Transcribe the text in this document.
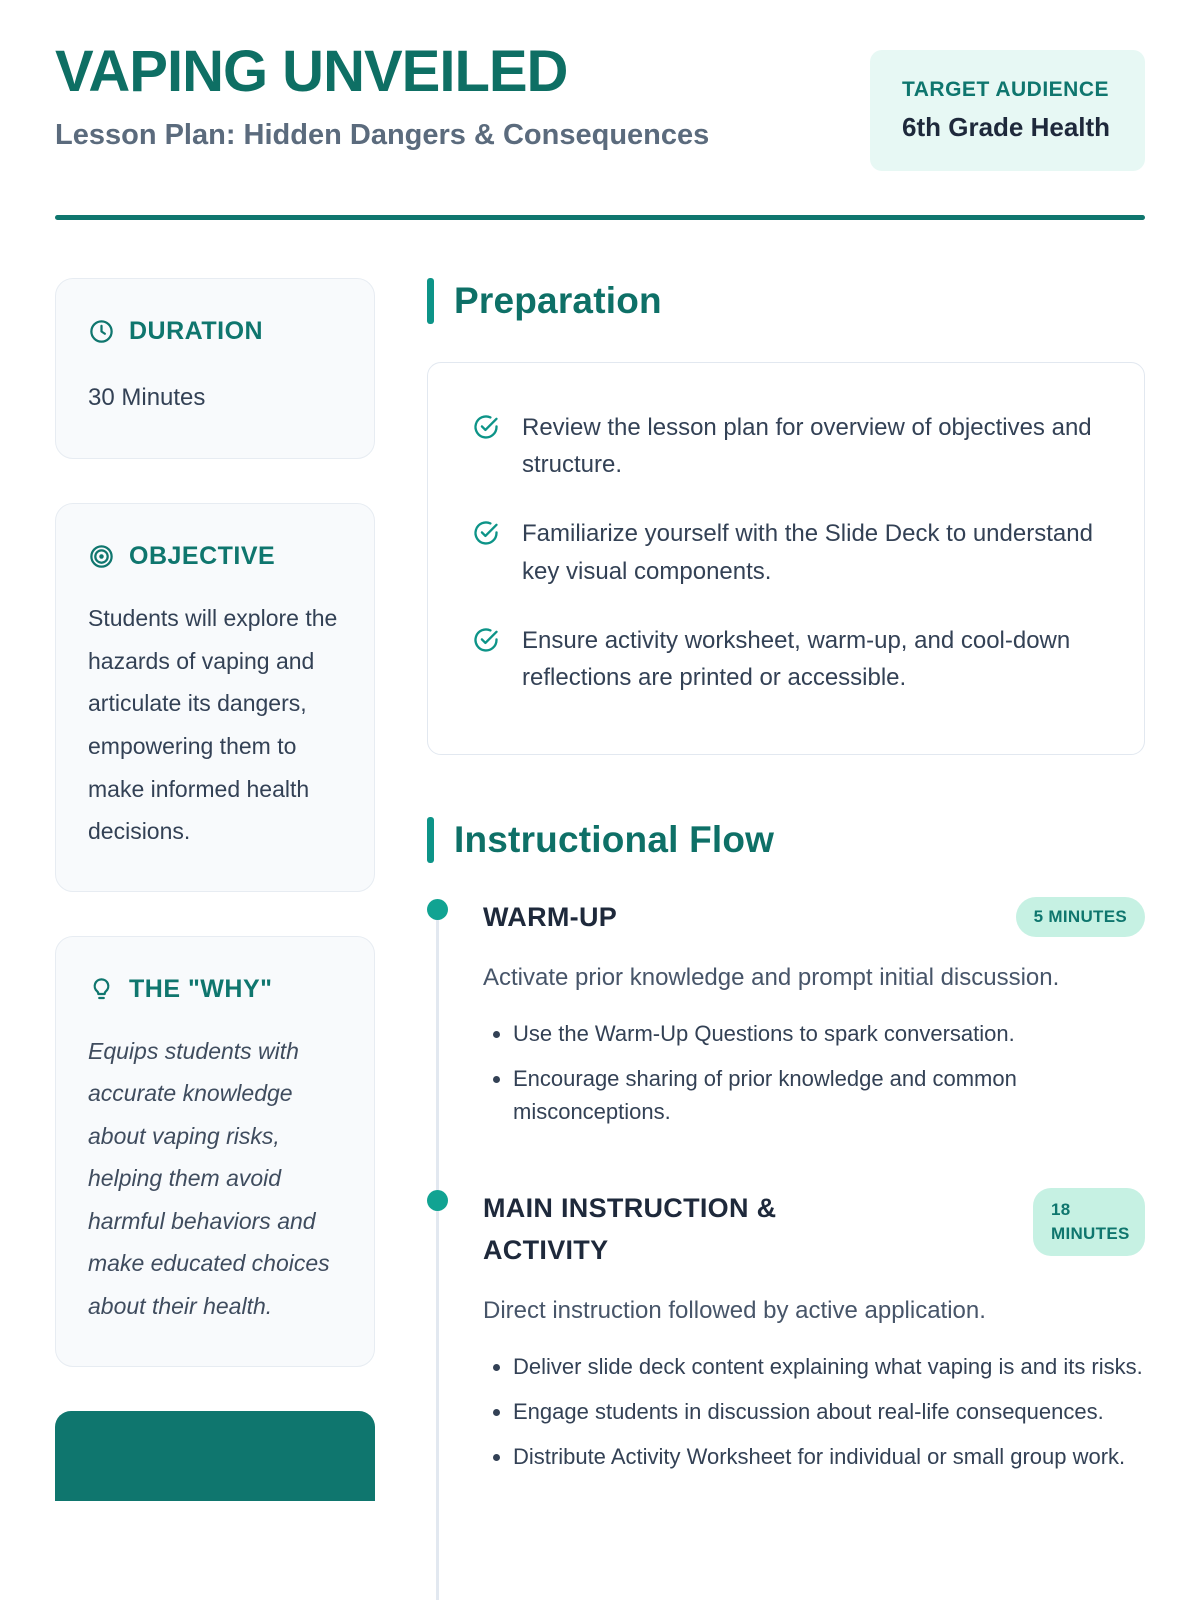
VAPING UNVEILED

Lesson Plan: Hidden Dangers & Consequences

TARGET AUDIENCE
6th Grade Health
DURATION

30 Minutes

OBJECTIVE

Students will explore the hazards of vaping and articulate its dangers, empowering them to make informed health decisions.

THE "WHY"

Equips students with accurate knowledge about vaping risks, helping them avoid harmful behaviors and make educated choices about their health.

Preparation
Review the lesson plan for overview of objectives and structure.
Familiarize yourself with the Slide Deck to understand key visual components.
Ensure activity worksheet, warm-up, and cool-down reflections are printed or accessible.
Instructional Flow
WARM-UP	5 MINUTES

Activate prior knowledge and prompt initial discussion.

• Use the Warm-Up Questions to spark conversation.
• Encourage sharing of prior knowledge and common misconceptions.
MAIN INSTRUCTION & ACTIVITY
18 MINUTES

Direct instruction followed by active application.

• Deliver slide deck content explaining what vaping is and its risks.
• Engage students in discussion about real-life consequences.
• Distribute Activity Worksheet for individual or small group work.
